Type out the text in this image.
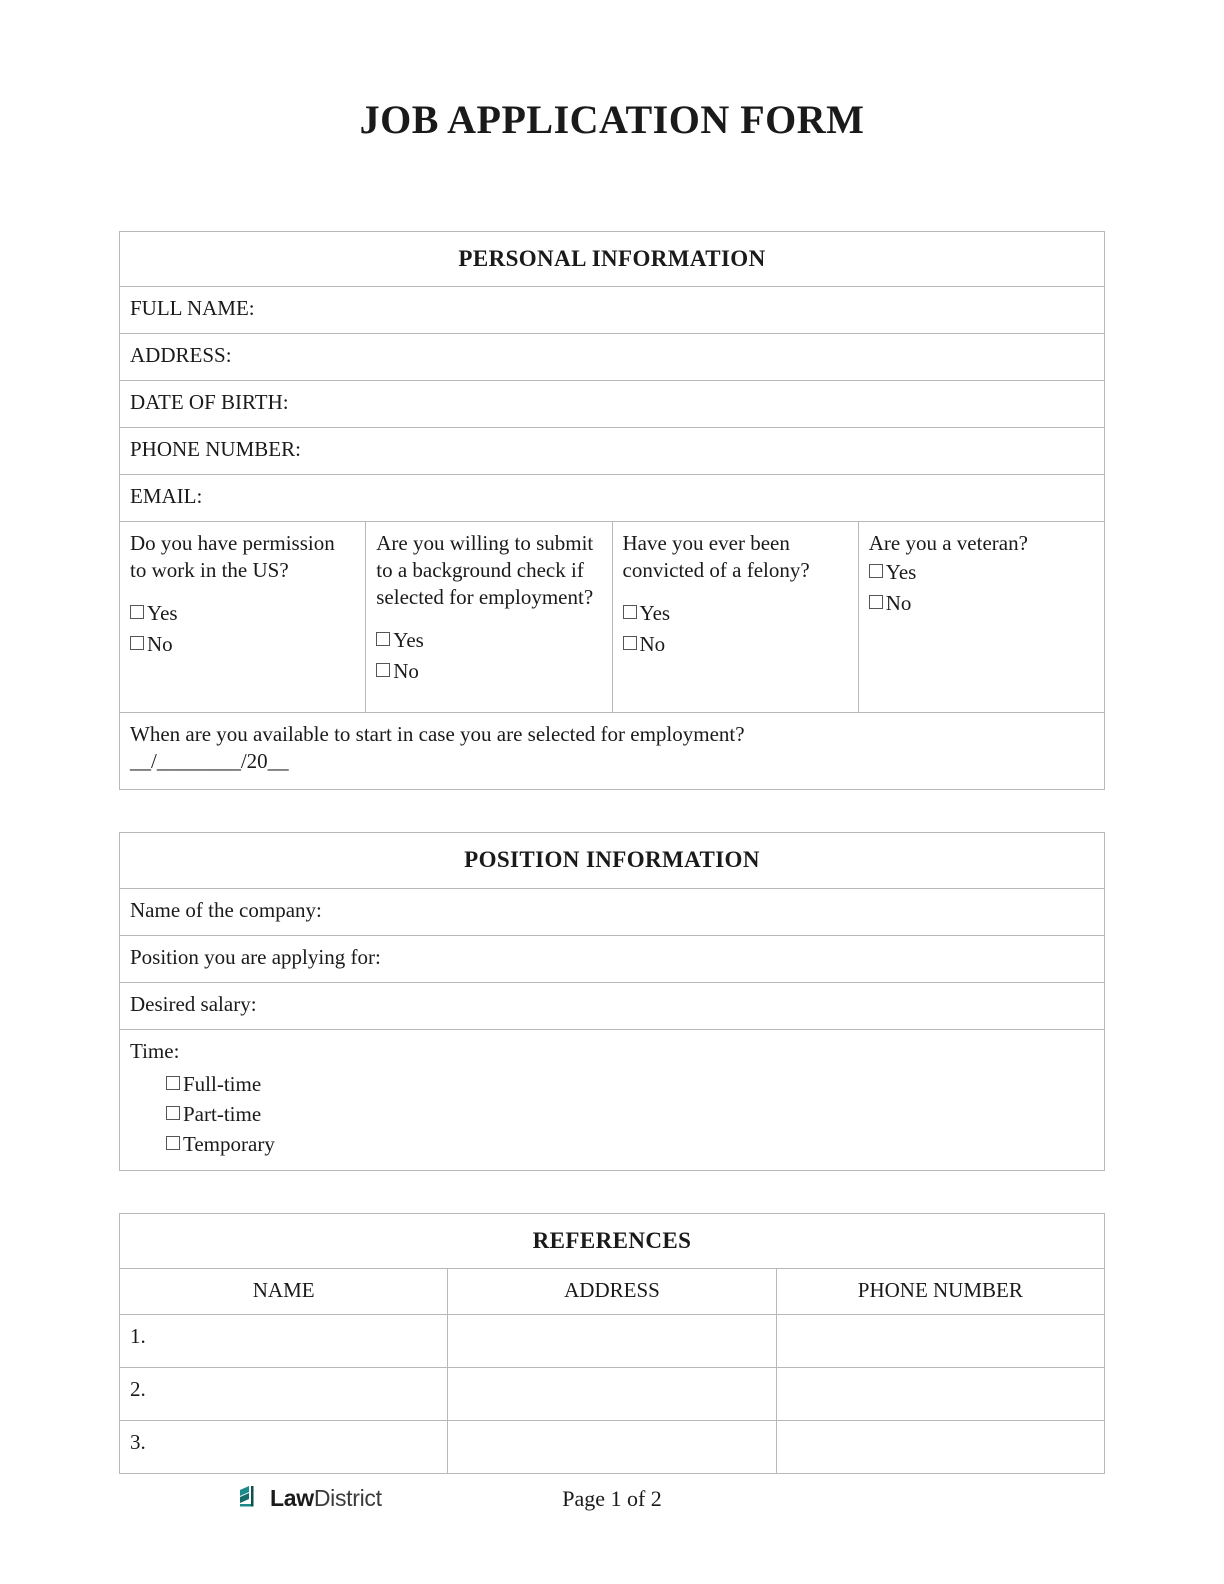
JOB APPLICATION FORM
PERSONAL INFORMATION
FULL NAME:
ADDRESS:
DATE OF BIRTH:
PHONE NUMBER:
EMAIL:

Do you have permission to work in the US?
Yes
No

Are you willing to submit to a background check if selected for employment?
Yes
No

Have you ever been convicted of a felony?
Yes
No

Are you a veteran?
Yes
No

When are you available to start in case you are selected for employment?
__/________/20__
POSITION INFORMATION
Name of the company:
Position you are applying for:
Desired salary:

Time:
Full-time
Part-time
Temporary
REFERENCES		
NAME	ADDRESS	PHONE NUMBER
1.		
2.		
3.		
LawDistrict	Page 1 of 2
